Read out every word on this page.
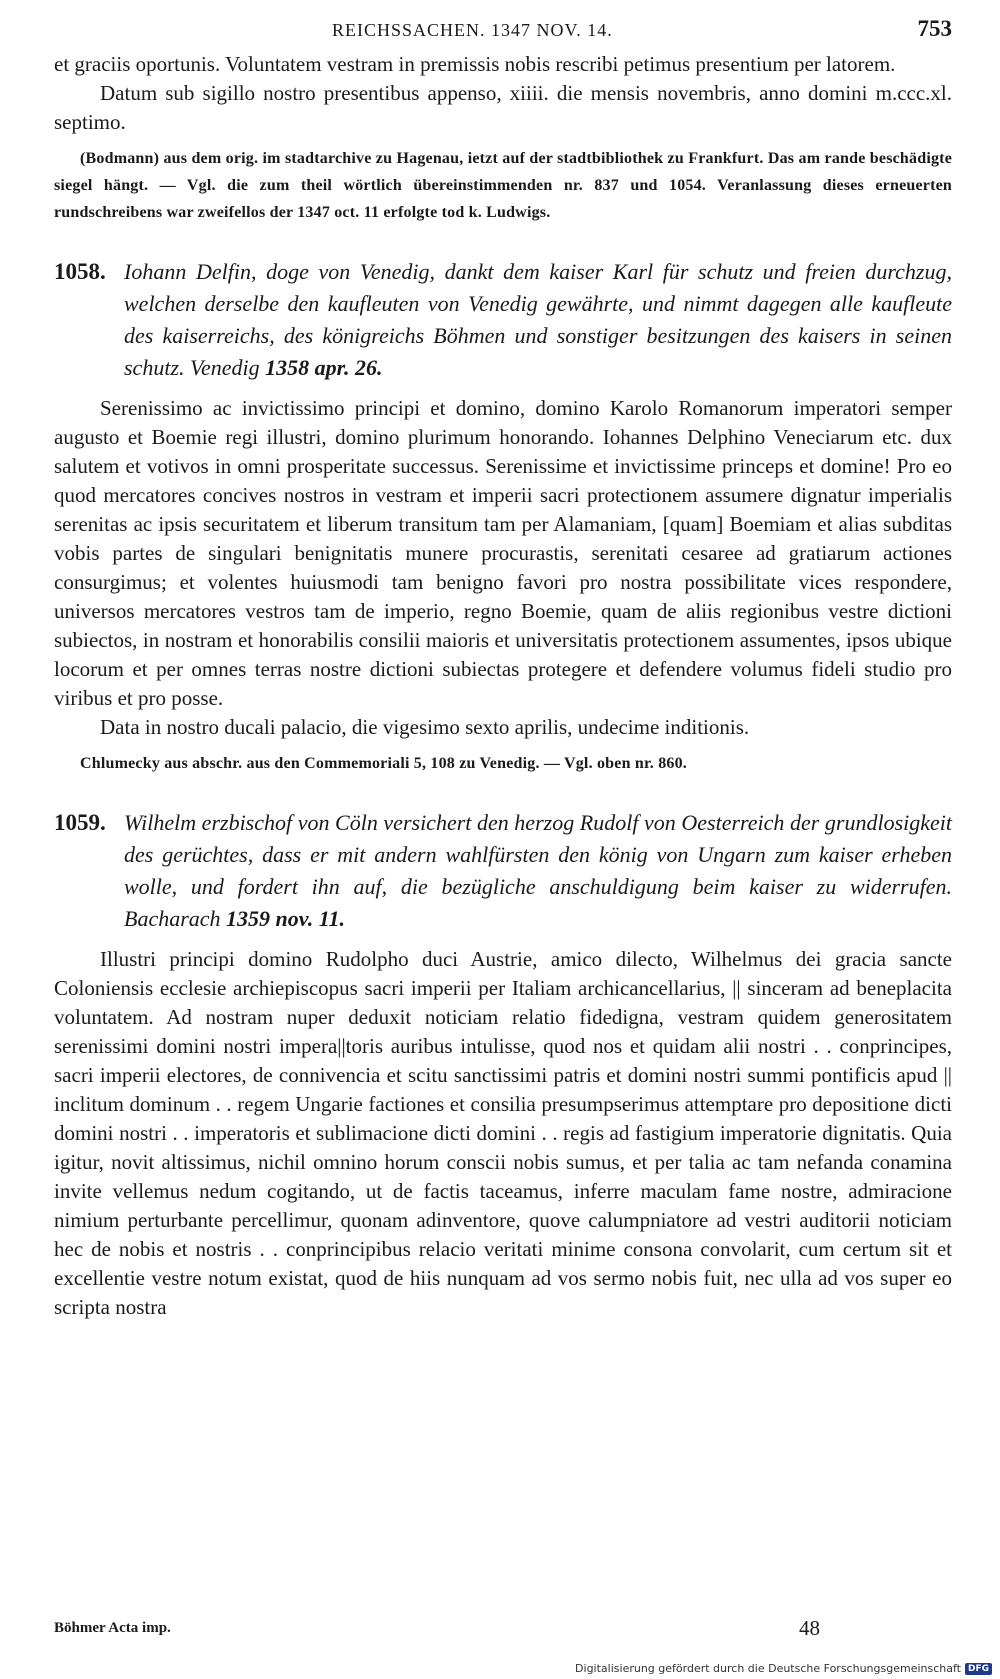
REICHSSACHEN. 1347 NOV. 14.	753

et graciis oportunis. Voluntatem vestram in premissis nobis rescribi petimus presentium per latorem.

Datum sub sigillo nostro presentibus appenso, xiiii. die mensis novembris, anno domini m.ccc.xl. septimo.

(Bodmann) aus dem orig. im stadtarchive zu Hagenau, ietzt auf der stadtbibliothek zu Frankfurt. Das am rande beschädigte siegel hängt. — Vgl. die zum theil wörtlich übereinstimmenden nr. 837 und 1054. Veranlassung dieses erneuerten rundschreibens war zweifellos der 1347 oct. 11 erfolgte tod k. Ludwigs.

1058. Iohann Delfin, doge von Venedig, dankt dem kaiser Karl für schutz und freien durchzug, welchen derselbe den kaufleuten von Venedig gewährte, und nimmt dagegen alle kaufleute des kaiserreichs, des königreichs Böhmen und sonstiger besitzungen des kaisers in seinen schutz. Venedig 1358 apr. 26.

Serenissimo ac invictissimo principi et domino, domino Karolo Romanorum imperatori semper augusto et Boemie regi illustri, domino plurimum honorando. Iohannes Delphino Veneciarum etc. dux salutem et votivos in omni prosperitate successus. Serenissime et invictissime princeps et domine! Pro eo quod mercatores concives nostros in vestram et imperii sacri protectionem assumere dignatur imperialis serenitas ac ipsis securitatem et liberum transitum tam per Alamaniam, [quam] Boemiam et alias subditas vobis partes de singulari benignitatis munere procurastis, serenitati cesaree ad gratiarum actiones consurgimus; et volentes huiusmodi tam benigno favori pro nostra possibilitate vices respondere, universos mercatores vestros tam de imperio, regno Boemie, quam de aliis regionibus vestre dictioni subiectos, in nostram et honorabilis consilii maioris et universitatis protectionem assumentes, ipsos ubique locorum et per omnes terras nostre dictioni subiectas protegere et defendere volumus fideli studio pro viribus et pro posse.

Data in nostro ducali palacio, die vigesimo sexto aprilis, undecime inditionis.

Chlumecky aus abschr. aus den Commemoriali 5, 108 zu Venedig. — Vgl. oben nr. 860.

1059. Wilhelm erzbischof von Cöln versichert den herzog Rudolf von Oesterreich der grundlosigkeit des gerüchtes, dass er mit andern wahlfürsten den könig von Ungarn zum kaiser erheben wolle, und fordert ihn auf, die bezügliche anschuldigung beim kaiser zu widerrufen. Bacharach 1359 nov. 11.

Illustri principi domino Rudolpho duci Austrie, amico dilecto, Wilhelmus dei gracia sancte Coloniensis ecclesie archiepiscopus sacri imperii per Italiam archicancellarius, || sinceram ad beneplacita voluntatem. Ad nostram nuper deduxit noticiam relatio fidedigna, vestram quidem generositatem serenissimi domini nostri impera||toris auribus intulisse, quod nos et quidam alii nostri . . conprincipes, sacri imperii electores, de connivencia et scitu sanctissimi patris et domini nostri summi pontificis apud || inclitum dominum . . regem Ungarie factiones et consilia presumpserimus attemptare pro depositione dicti domini nostri . . imperatoris et sublimacione dicti domini . . regis ad fastigium imperatorie dignitatis. Quia igitur, novit altissimus, nichil omnino horum conscii nobis sumus, et per talia ac tam nefanda conamina invite vellemus nedum cogitando, ut de factis taceamus, inferre maculam fame nostre, admiracione nimium perturbante percellimur, quonam adinventore, quove calumpniatore ad vestri auditorii noticiam hec de nobis et nostris . . conprincipibus relacio veritati minime consona convolarit, cum certum sit et excellentie vestre notum existat, quod de hiis nunquam ad vos sermo nobis fuit, nec ulla ad vos super eo scripta nostra

Böhmer Acta imp.	48
Digitalisierung gefördert durch die Deutsche Forschungsgemeinschaft DFG
